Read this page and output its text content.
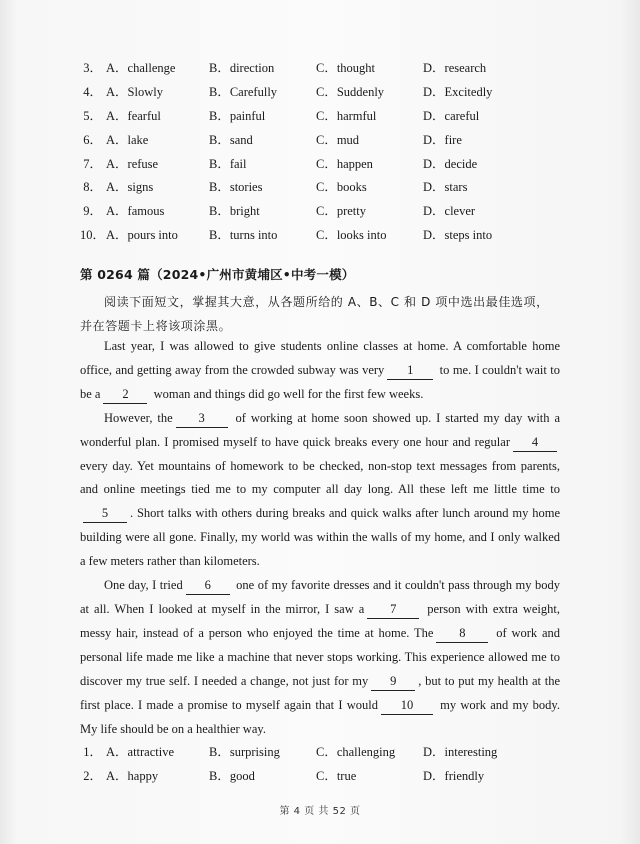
3． A．challenge	B．direction	C．thought	D．research
4． A．Slowly	B．Carefully	C．Suddenly	D．Excitedly
5． A．fearful	B．painful	C．harmful	D．careful
6． A．lake	B．sand	C．mud	D．fire
7． A．refuse	B．fail	C．happen	D．decide
8． A．signs	B．stories	C．books	D．stars
9． A．famous	B．bright	C．pretty	D．clever
10． A．pours into B．turns into	C．looks into	D．steps into
第 0264 篇（2024•广州市黄埔区•中考一模）
阅读下面短文，掌握其大意，从各题所给的 A、B、C 和 D 项中选出最佳选项，并在答题卡上将该项涂黑。

Last year, I was allowed to give students online classes at home. A comfortable home office, and getting away from the crowded subway was very 1 to me. I couldn't wait to be a 2 woman and things did go well for the first few weeks.

However, the 3 of working at home soon showed up. I started my day with a wonderful plan. I promised myself to have quick breaks every one hour and regular 4 every day. Yet mountains of homework to be checked, non-stop text messages from parents, and online meetings tied me to my computer all day long. All these left me little time to5 . Short talks with others during breaks and quick walks after lunch around my home building were all gone. Finally, my world was within the walls of my home, and I only walked a few meters rather than kilometers.

One day, I tried 6 one of my favorite dresses and it couldn't pass through my body at all. When I looked at myself in the mirror, I saw a 7 person with extra weight, messy hair, instead of a person who enjoyed the time at home. The 8 of work and personal life made me like a machine that never stops working. This experience allowed me to discover my true self. I needed a change, not just for my 9 , but to put my health at the first place. I made a promise to myself again that I would 10 my work and my body. My life should be on a healthier way.

1． A．attractive	B．surprising	C．challenging D．interesting
2． A．happy	B．good	C．true	D．friendly
第 4 页 共 52 页
